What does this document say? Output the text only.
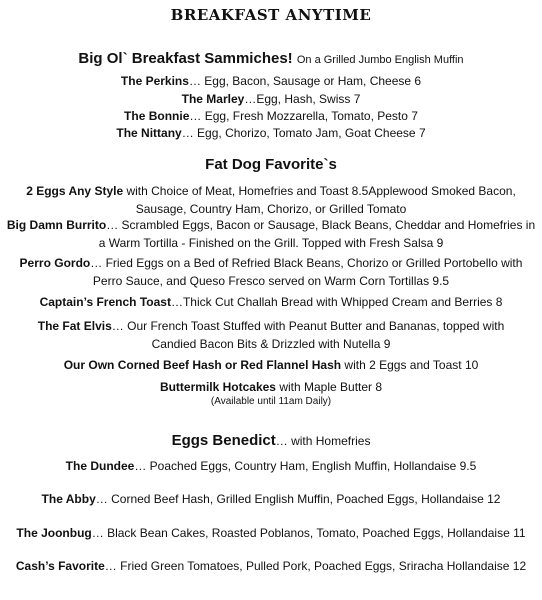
BREAKFAST ANYTIME
Big Ol` Breakfast Sammiches! On a Grilled Jumbo English Muffin
The Perkins… Egg, Bacon, Sausage or Ham, Cheese 6
The Marley…Egg, Hash, Swiss 7
The Bonnie… Egg, Fresh Mozzarella, Tomato, Pesto 7
The Nittany… Egg, Chorizo, Tomato Jam, Goat Cheese 7
Fat Dog Favorite`s
2 Eggs Any Style with Choice of Meat, Homefries and Toast 8.5Applewood Smoked Bacon, Sausage, Country Ham, Chorizo, or Grilled Tomato
Big Damn Burrito… Scrambled Eggs, Bacon or Sausage, Black Beans, Cheddar and Homefries in a Warm Tortilla - Finished on the Grill. Topped with Fresh Salsa 9
Perro Gordo… Fried Eggs on a Bed of Refried Black Beans, Chorizo or Grilled Portobello with Perro Sauce, and Queso Fresco served on Warm Corn Tortillas 9.5
Captain’s French Toast…Thick Cut Challah Bread with Whipped Cream and Berries 8
The Fat Elvis… Our French Toast Stuffed with Peanut Butter and Bananas, topped with Candied Bacon Bits & Drizzled with Nutella 9
Our Own Corned Beef Hash or Red Flannel Hash with 2 Eggs and Toast 10
Buttermilk Hotcakes with Maple Butter 8
(Available until 11am Daily)
Eggs Benedict… with Homefries
The Dundee… Poached Eggs, Country Ham, English Muffin, Hollandaise 9.5
The Abby… Corned Beef Hash, Grilled English Muffin, Poached Eggs, Hollandaise 12
The Joonbug… Black Bean Cakes, Roasted Poblanos, Tomato, Poached Eggs, Hollandaise 11
Cash’s Favorite… Fried Green Tomatoes, Pulled Pork, Poached Eggs, Sriracha Hollandaise 12
